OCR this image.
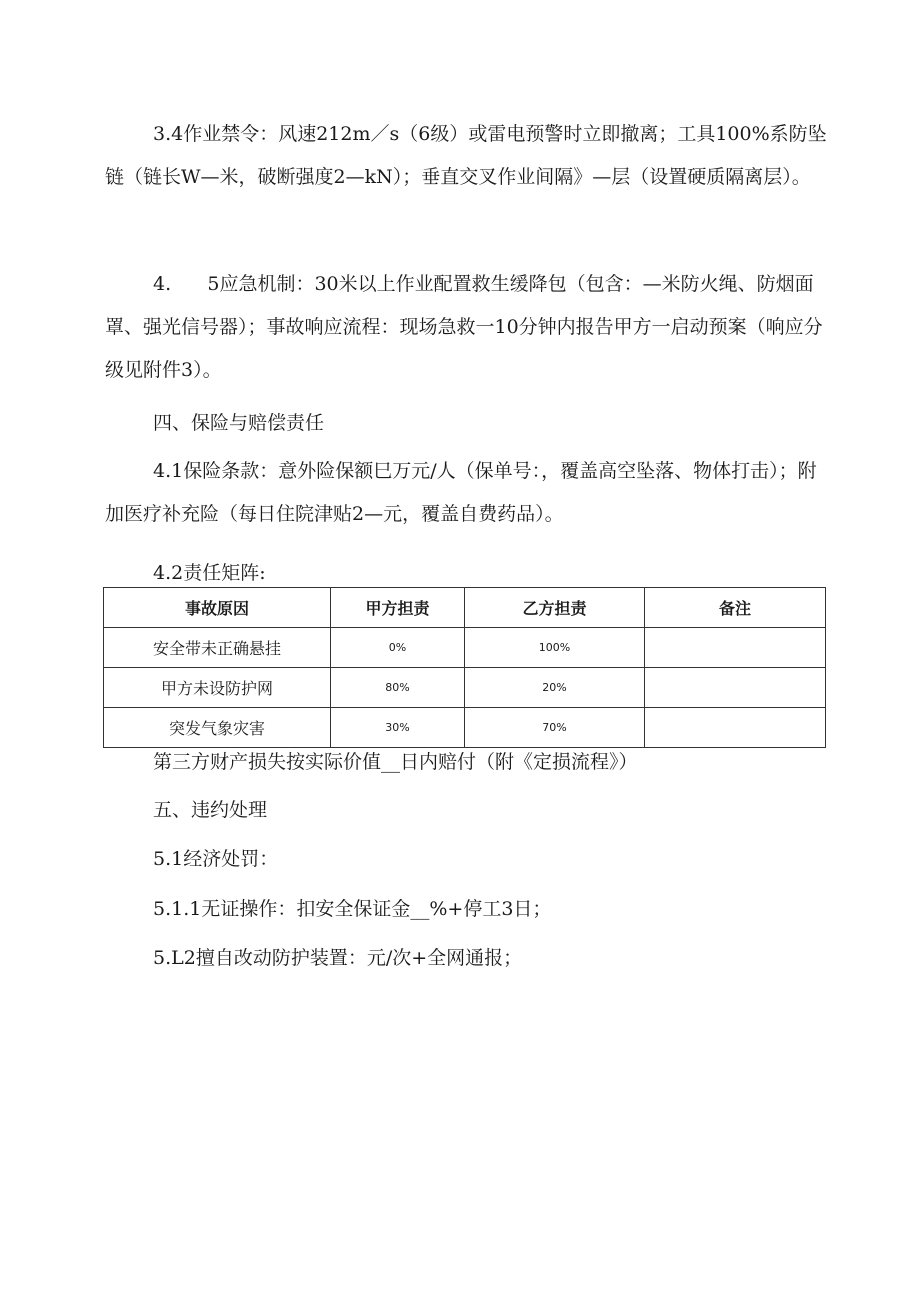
3.4作业禁令：风速212m／s（6级）或雷电预警时立即撤离；工具100%系防坠链（链长W—米，破断强度2—kN）；垂直交叉作业间隔》—层（设置硬质隔离层）。

4.      5应急机制：30米以上作业配置救生缓降包（包含：—米防火绳、防烟面罩、强光信号器）；事故响应流程：现场急救一10分钟内报告甲方一启动预案（响应分级见附件3）。

四、保险与赔偿责任

4.1保险条款：意外险保额巳万元/人（保单号：，覆盖高空坠落、物体打击）；附加医疗补充险（每日住院津贴2—元，覆盖自费药品）。

4.2责任矩阵:

事故原因	甲方担责	乙方担责	备注
安全带未正确悬挂	0%	100%	
甲方未设防护网	80%	20%	
突发气象灾害	30%	70%	

第三方财产损失按实际价值__日内赔付（附《定损流程》）

五、违约处理

5.1经济处罚：

5.1.1无证操作：扣安全保证金__%+停工3日；

5.L2擅自改动防护装置：元/次+全网通报；
